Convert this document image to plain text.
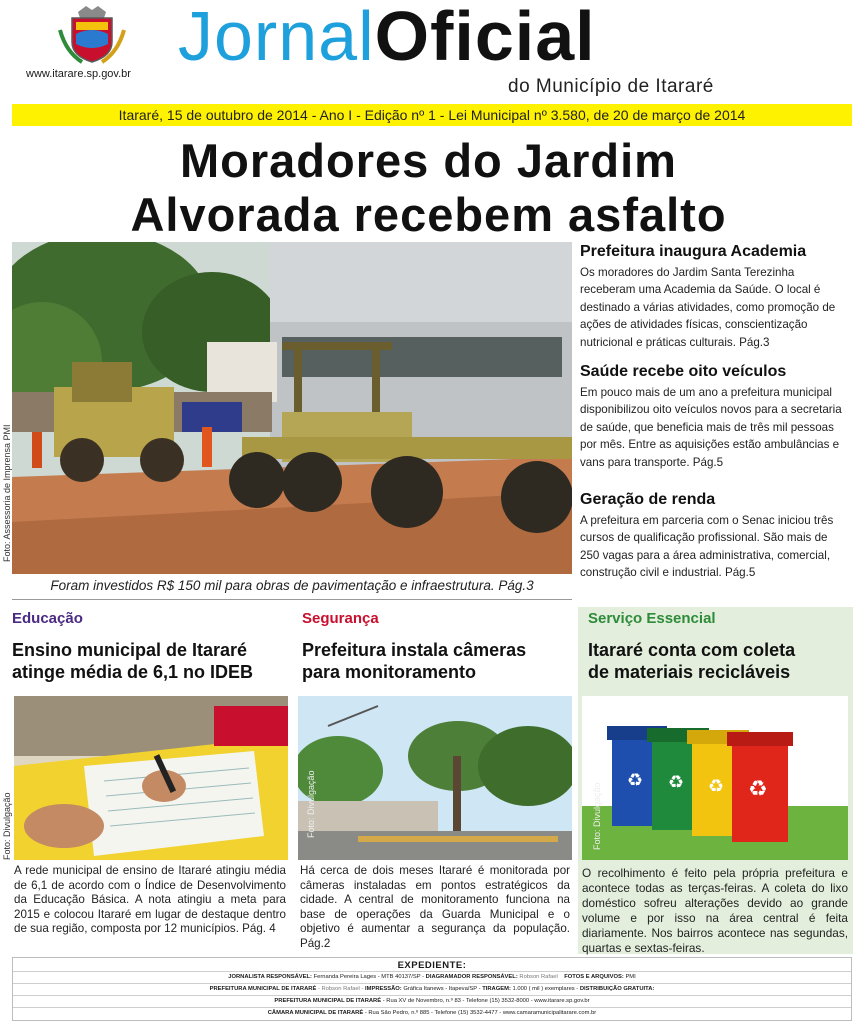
www.itarare.sp.gov.br JornalOficial
do Município de Itararé
Itararé, 15 de outubro de 2014 - Ano I - Edição nº 1 - Lei Municipal nº 3.580, de 20 de março de 2014
Moradores do Jardim
Alvorada recebem asfalto
Foto: Assessoria de Imprensa PMI
Foram investidos R$ 150 mil para obras de pavimentação e infraestrutura. Pág.3
Prefeitura inaugura Academia

Os moradores do Jardim Santa Terezinha receberam uma Academia da Saúde. O local é destinado a várias atividades, como promoção de ações de atividades físicas, conscientização nutricional e práticas culturais. Pág.3

Saúde recebe oito veículos

Em pouco mais de um ano a prefeitura municipal disponibilizou oito veículos novos para a secretaria de saúde, que beneficia mais de três mil pessoas por mês. Entre as aquisições estão ambulâncias e vans para transporte. Pág.5

Geração de renda

A prefeitura em parceria com o Senac iniciou três cursos de qualificação profissional. São mais de 250 vagas para a área administrativa, comercial, construção civil e industrial. Pág.5

Educação
Ensino municipal de Itararé
atinge média de 6,1 no IDEB
Foto: Divulgação
A rede municipal de ensino de Itararé atingiu média de 6,1 de acordo com o Índice de Desenvolvimento da Educação Básica. A nota atingiu a meta para 2015 e colocou Itararé em lugar de destaque dentro de sua região, composta por 12 municípios. Pág. 4
Segurança
Prefeitura instala câmeras
para monitoramento
Foto: Divulgação
Há cerca de dois meses Itararé é monitorada por câmeras instaladas em pontos estratégicos da cidade. A central de monitoramento funciona na base de operações da Guarda Municipal e o objetivo é aumentar a segurança da população. Pág.2
Serviço Essencial
Itararé conta com coleta
de materiais recicláveis
♻ ♻ ♻ ♻
Foto: Divulgação
O recolhimento é feito pela própria prefeitura e acontece todas as terças-feiras. A coleta do lixo doméstico sofreu alterações devido ao grande volume e por isso na área central é feita diariamente. Nos bairros acontece nas segundas, quartas e sextas-feiras.
EXPEDIENTE:
JORNALISTA RESPONSÁVEL: Fernanda Pereira Lages - MTB 40137/SP - DIAGRAMADOR RESPONSÁVEL: Robson Rafael FOTOS E ARQUIVOS: PMI
PREFEITURA MUNICIPAL DE ITARARÉ - Robson Rafael - IMPRESSÃO: Gráfica Itanews - Itapeva/SP - TIRAGEM: 1.000 ( mil ) exemplares - DISTRIBUIÇÃO GRATUITA:
PREFEITURA MUNICIPAL DE ITARARÉ - Rua XV de Novembro, n.º 83 - Telefone (15) 3532-8000 - www.itarare.sp.gov.br
CÂMARA MUNICIPAL DE ITARARÉ - Rua São Pedro, n.º 885 - Telefone (15) 3532-4477 - www.camaramunicipalitarare.com.br
